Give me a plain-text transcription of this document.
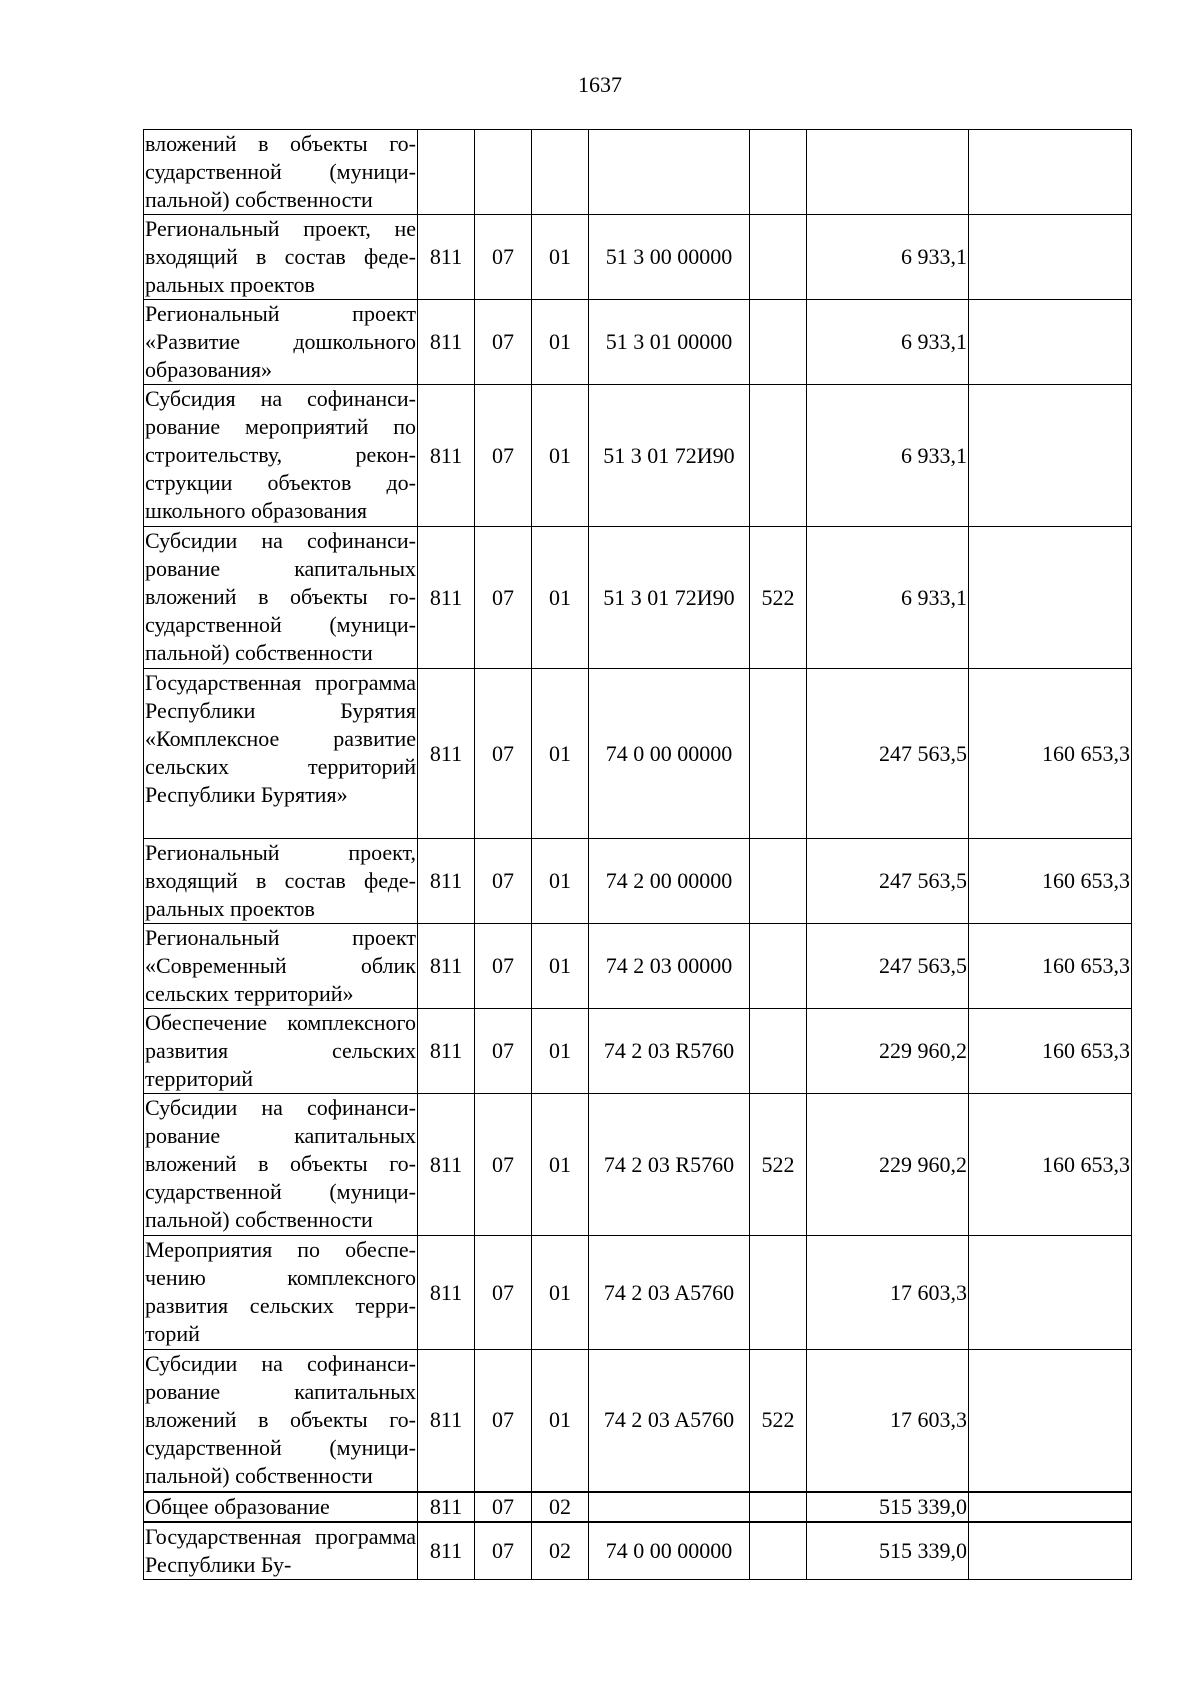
1637
вложений в объекты государственной (муниципальной) собственности							
Региональный проект, не входящий в состав федеральных проектов	811	07	01	51 3 00 00000		6 933,1	
Региональный проект «Развитие дошкольного образования»	811	07	01	51 3 01 00000		6 933,1	
Субсидия на софинансирование мероприятий по строительству, реконструкции объектов дошкольного образования	811	07	01	51 3 01 72И90		6 933,1	
Субсидии на софинансирование капитальных вложений в объекты государственной (муниципальной) собственности	811	07	01	51 3 01 72И90	522	6 933,1	
Государственная программа Республики Бурятия «Комплексное развитие сельских территорий Республики Бурятия»	811	07	01	74 0 00 00000		247 563,5	160 653,3
Региональный проект, входящий в состав федеральных проектов	811	07	01	74 2 00 00000		247 563,5	160 653,3
Региональный проект «Современный облик сельских территорий»	811	07	01	74 2 03 00000		247 563,5	160 653,3
Обеспечение комплексного развития сельских территорий	811	07	01	74 2 03 R5760		229 960,2	160 653,3
Субсидии на софинансирование капитальных вложений в объекты государственной (муниципальной) собственности	811	07	01	74 2 03 R5760	522	229 960,2	160 653,3
Мероприятия по обеспечению комплексного развития сельских территорий	811	07	01	74 2 03 A5760		17 603,3	
Субсидии на софинансирование капитальных вложений в объекты государственной (муниципальной) собственности	811	07	01	74 2 03 A5760	522	17 603,3	
Общее образование	811	07	02			515 339,0	
Государственная программа Республики Бу-	811	07	02	74 0 00 00000		515 339,0	
